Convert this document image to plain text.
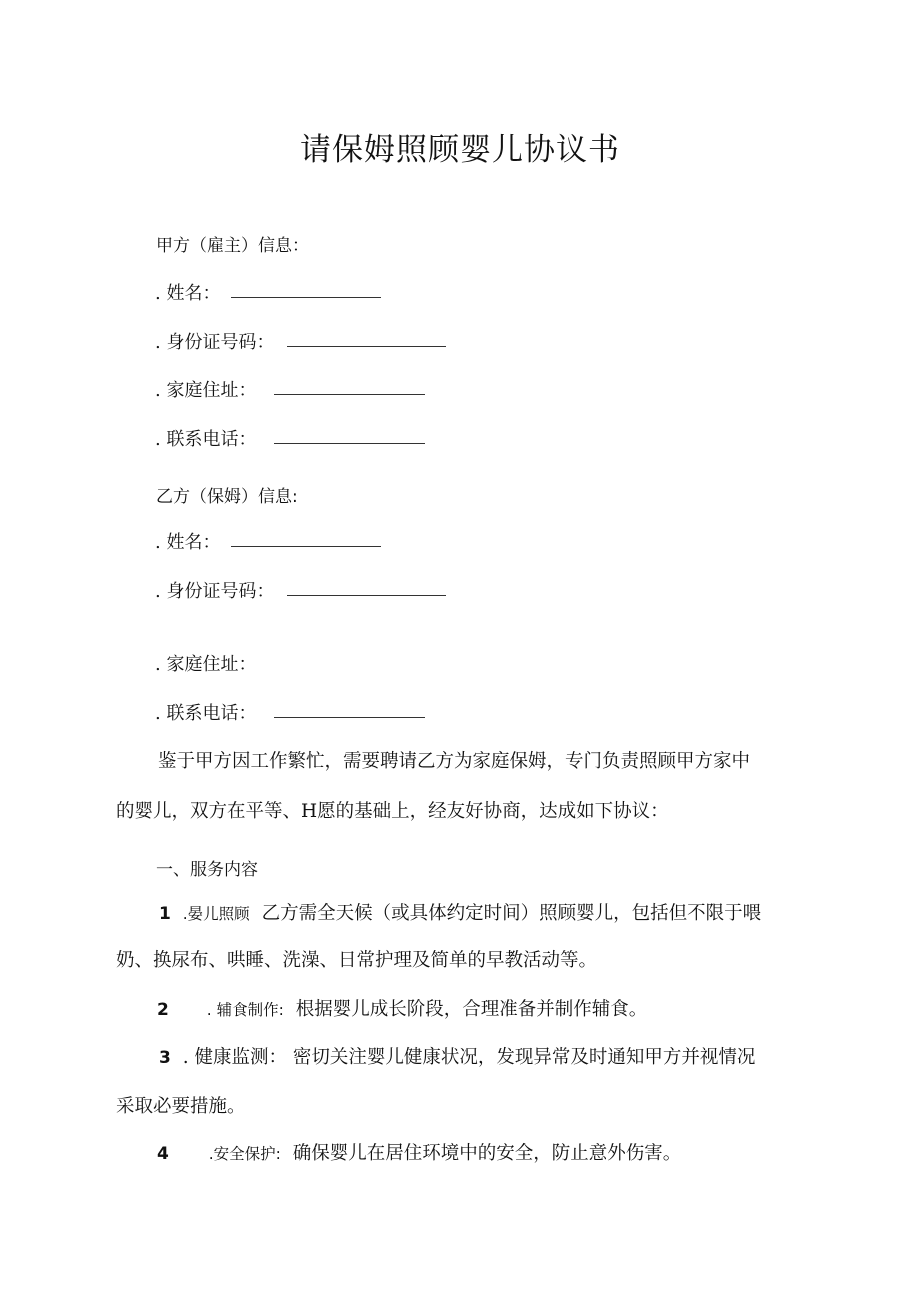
请保姆照顾婴儿协议书
甲方（雇主）信息：
. 姓名：
. 身份证号码：
. 家庭住址：
. 联系电话：
乙方（保姆）信息:
. 姓名：
. 身份证号码：
. 家庭住址：
. 联系电话：
鉴于甲方因工作繁忙，需要聘请乙方为家庭保姆，专门负责照顾甲方家中
的婴儿，双方在平等、H愿的基础上，经友好协商，达成如下协议：
一、服务内容
1 .晏儿照顾 乙方需全天候（或具体约定时间）照顾婴儿，包括但不限于喂
奶、换尿布、哄睡、洗澡、日常护理及简单的早教活动等。
2 . 辅食制作: 根据婴儿成长阶段，合理准备并制作辅食。
3 . 健康监测： 密切关注婴儿健康状况，发现异常及时通知甲方并视情况
采取必要措施。
4	.安全保护: 确保婴儿在居住环境中的安全，防止意外伤害。
